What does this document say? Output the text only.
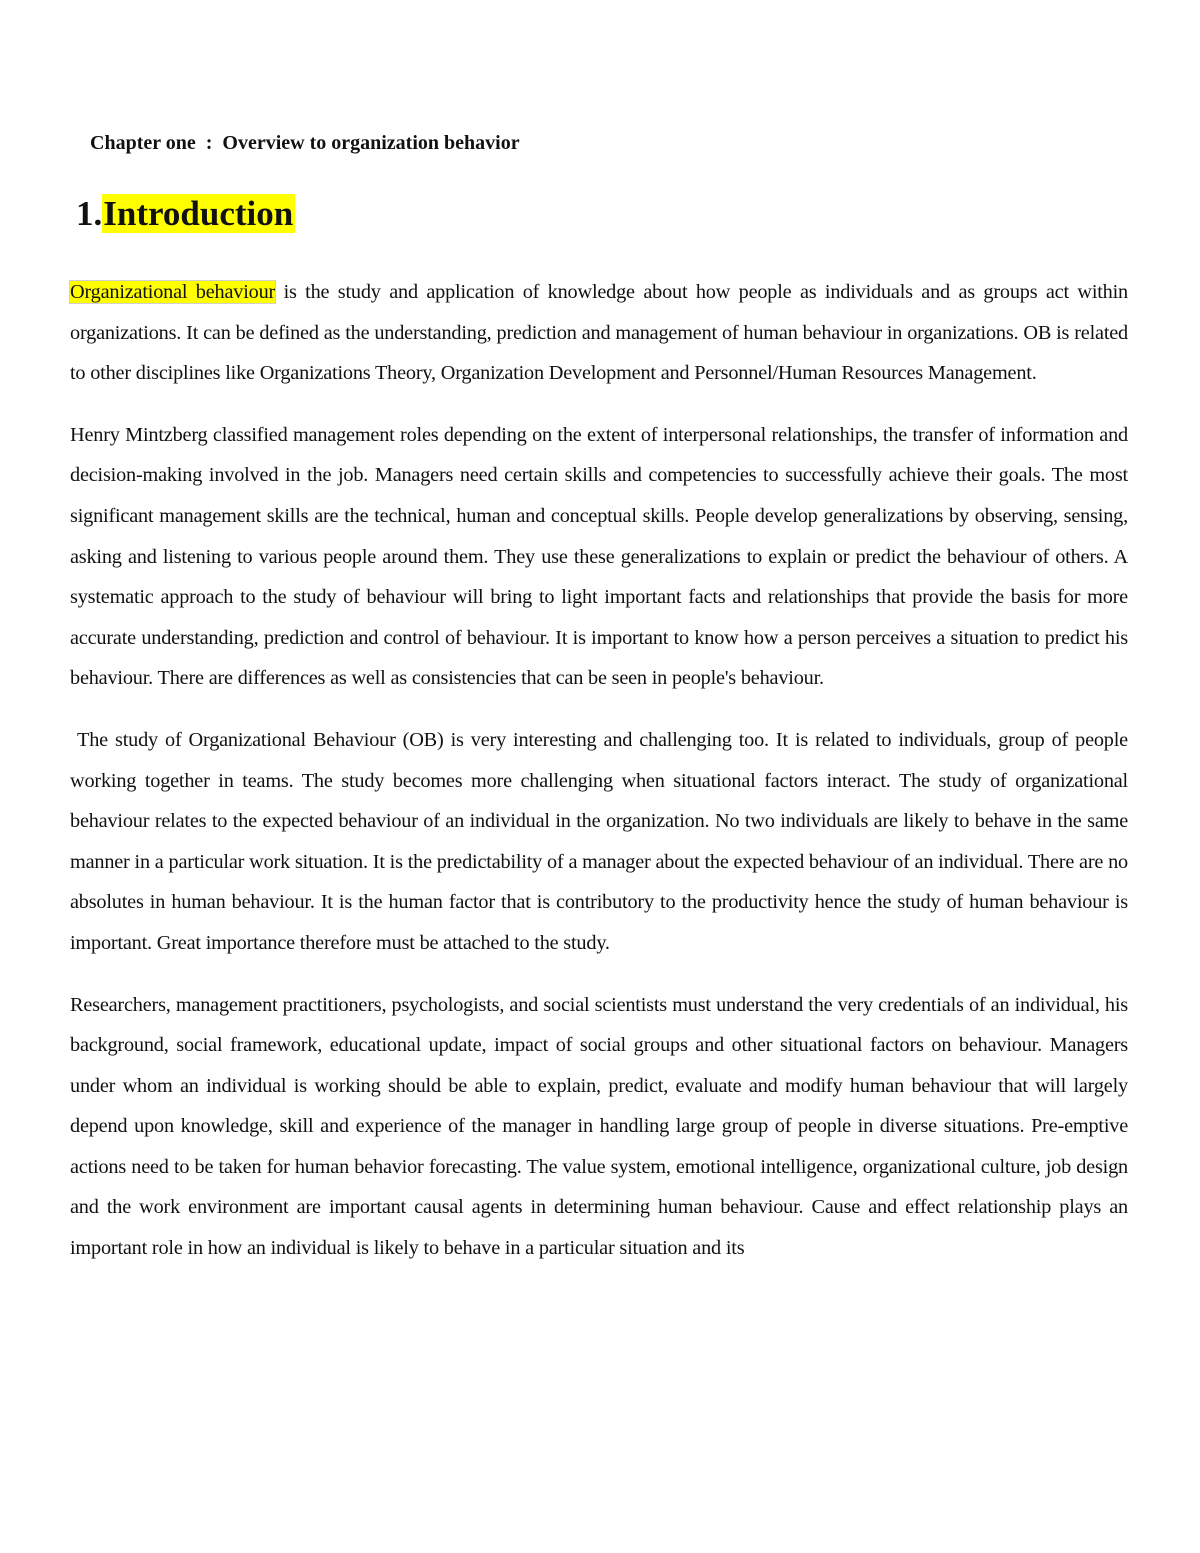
Chapter one  :  Overview to organization behavior

1.Introduction

Organizational behaviour is the study and application of knowledge about how people as individuals and as groups act within organizations. It can be defined as the understanding, prediction and management of human behaviour in organizations. OB is related to other disciplines like Organizations Theory, Organization Development and Personnel/Human Resources Management.

Henry Mintzberg classified management roles depending on the extent of interpersonal relationships, the transfer of information and decision-making involved in the job. Managers need certain skills and competencies to successfully achieve their goals. The most significant management skills are the technical, human and conceptual skills. People develop generalizations by observing, sensing, asking and listening to various people around them. They use these generalizations to explain or predict the behaviour of others. A systematic approach to the study of behaviour will bring to light important facts and relationships that provide the basis for more accurate understanding, prediction and control of behaviour. It is important to know how a person perceives a situation to predict his behaviour. There are differences as well as consistencies that can be seen in people's behaviour.

The study of Organizational Behaviour (OB) is very interesting and challenging too. It is related to individuals, group of people working together in teams. The study becomes more challenging when situational factors interact. The study of organizational behaviour relates to the expected behaviour of an individual in the organization. No two individuals are likely to behave in the same manner in a particular work situation. It is the predictability of a manager about the expected behaviour of an individual. There are no absolutes in human behaviour. It is the human factor that is contributory to the productivity hence the study of human behaviour is important. Great importance therefore must be attached to the study.

Researchers, management practitioners, psychologists, and social scientists must understand the very credentials of an individual, his background, social framework, educational update, impact of social groups and other situational factors on behaviour. Managers under whom an individual is working should be able to explain, predict, evaluate and modify human behaviour that will largely depend upon knowledge, skill and experience of the manager in handling large group of people in diverse situations. Pre-emptive actions need to be taken for human behavior forecasting. The value system, emotional intelligence, organizational culture, job design and the work environment are important causal agents in determining human behaviour. Cause and effect relationship plays an important role in how an individual is likely to behave in a particular situation and its
